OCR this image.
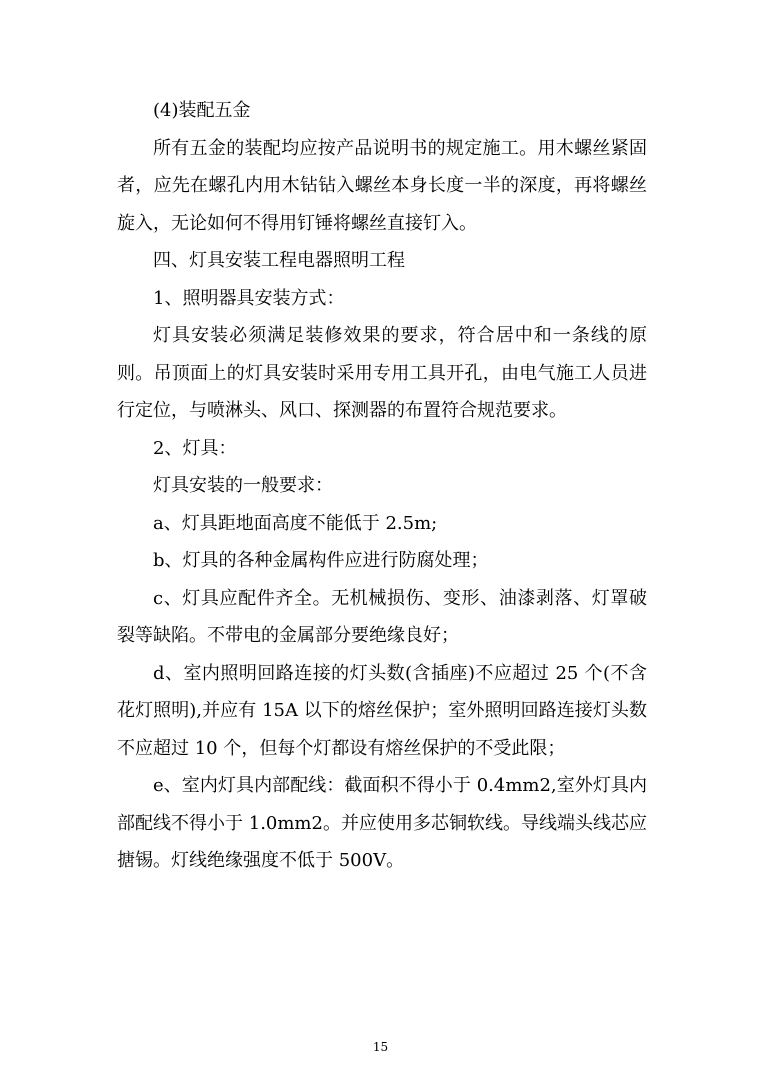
(4)装配五金

所有五金的装配均应按产品说明书的规定施工。用木螺丝紧固者，应先在螺孔内用木钻钻入螺丝本身长度一半的深度，再将螺丝旋入，无论如何不得用钉锤将螺丝直接钉入。

四、灯具安装工程电器照明工程

1、照明器具安装方式：

灯具安装必须满足装修效果的要求，符合居中和一条线的原则。吊顶面上的灯具安装时采用专用工具开孔，由电气施工人员进行定位，与喷淋头、风口、探测器的布置符合规范要求。

2、灯具：

灯具安装的一般要求：

a、灯具距地面高度不能低于 2.5m;

b、灯具的各种金属构件应进行防腐处理；

c、灯具应配件齐全。无机械损伤、变形、油漆剥落、灯罩破裂等缺陷。不带电的金属部分要绝缘良好；

d、室内照明回路连接的灯头数(含插座)不应超过 25 个(不含花灯照明),并应有 15A 以下的熔丝保护；室外照明回路连接灯头数不应超过 10 个，但每个灯都设有熔丝保护的不受此限；

e、室内灯具内部配线：截面积不得小于 0.4mm2,室外灯具内部配线不得小于 1.0mm2。并应使用多芯铜软线。导线端头线芯应搪锡。灯线绝缘强度不低于 500V。

15
